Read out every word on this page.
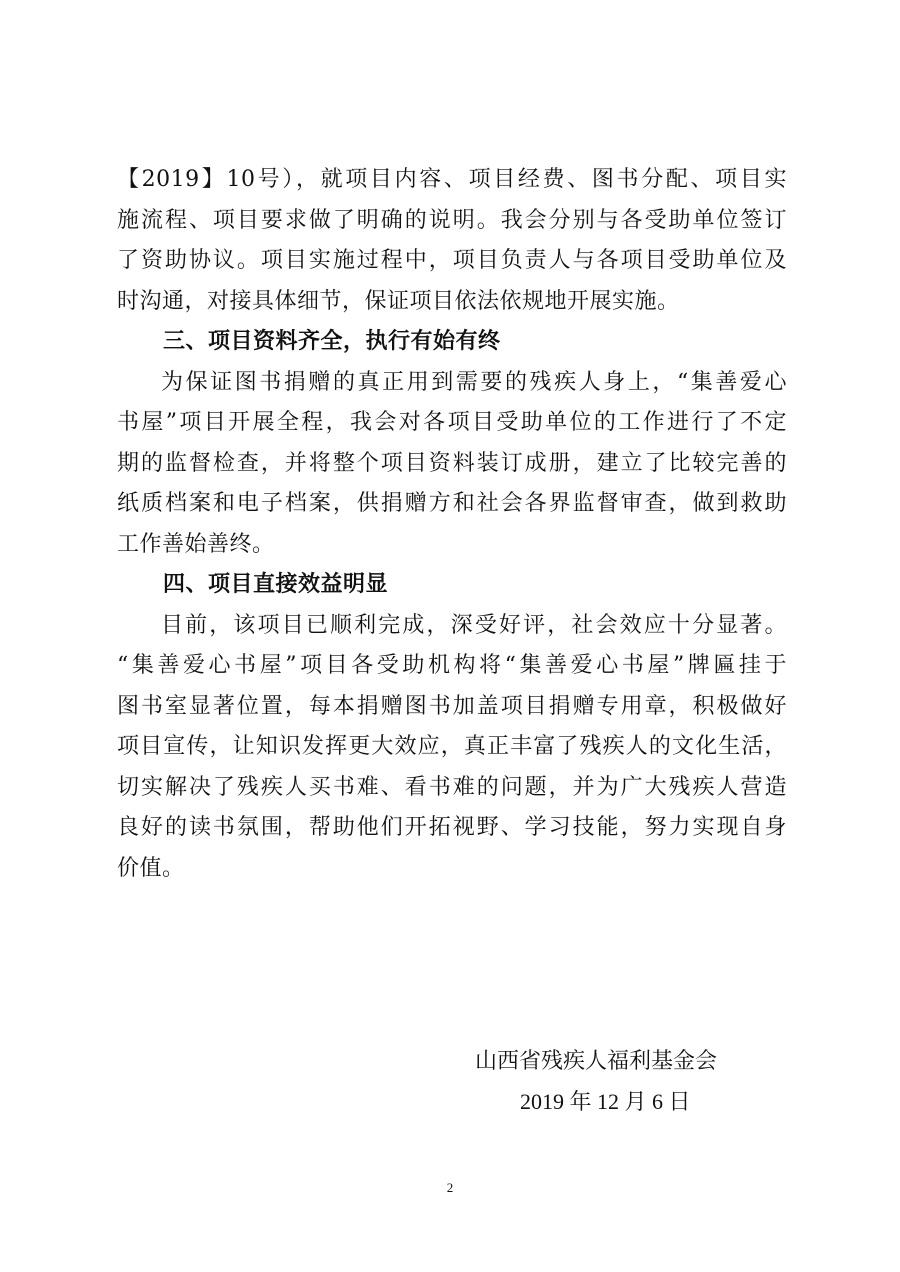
【2019】10号），就项目内容、项目经费、图书分配、项目实
施流程、项目要求做了明确的说明。我会分别与各受助单位签订
了资助协议。项目实施过程中，项目负责人与各项目受助单位及
时沟通，对接具体细节，保证项目依法依规地开展实施。

三、项目资料齐全，执行有始有终

为保证图书捐赠的真正用到需要的残疾人身上，“集善爱心
书屋”项目开展全程，我会对各项目受助单位的工作进行了不定
期的监督检查，并将整个项目资料装订成册，建立了比较完善的
纸质档案和电子档案，供捐赠方和社会各界监督审查，做到救助
工作善始善终。

四、项目直接效益明显

目前，该项目已顺利完成，深受好评，社会效应十分显著。
“集善爱心书屋”项目各受助机构将“集善爱心书屋”牌匾挂于
图书室显著位置，每本捐赠图书加盖项目捐赠专用章，积极做好
项目宣传，让知识发挥更大效应，真正丰富了残疾人的文化生活，
切实解决了残疾人买书难、看书难的问题，并为广大残疾人营造
良好的读书氛围，帮助他们开拓视野、学习技能，努力实现自身
价值。

山西省残疾人福利基金会
2019 年 12 月 6 日
2
